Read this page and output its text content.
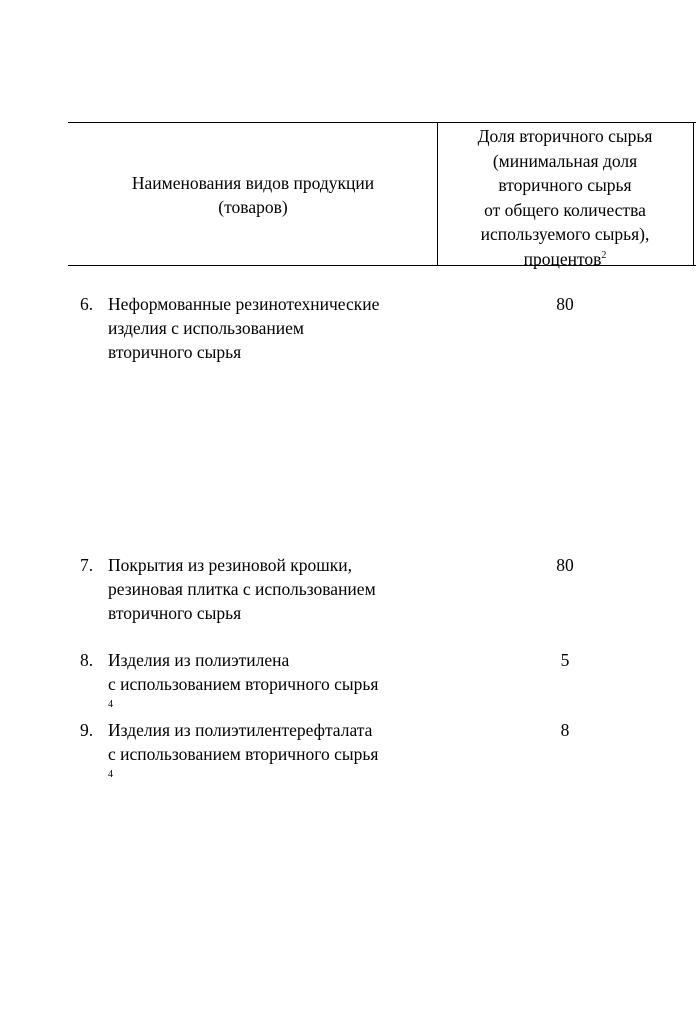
Наименования видов продукции
(товаров)
Доля вторичного сырья
(минимальная доля
вторичного сырья
от общего количества
используемого сырья),
процентов$^2$
6. Неформованные резинотехнические
изделия с использованием
вторичного сырья
80
7. Покрытия из резиновой крошки,
резиновая плитка с использованием
вторичного сырья
80
8. Изделия из полиэтилена
с использованием вторичного сырья
$^4$
5
9. Изделия из полиэтилентерефталата
с использованием вторичного сырья
$^4$
8
